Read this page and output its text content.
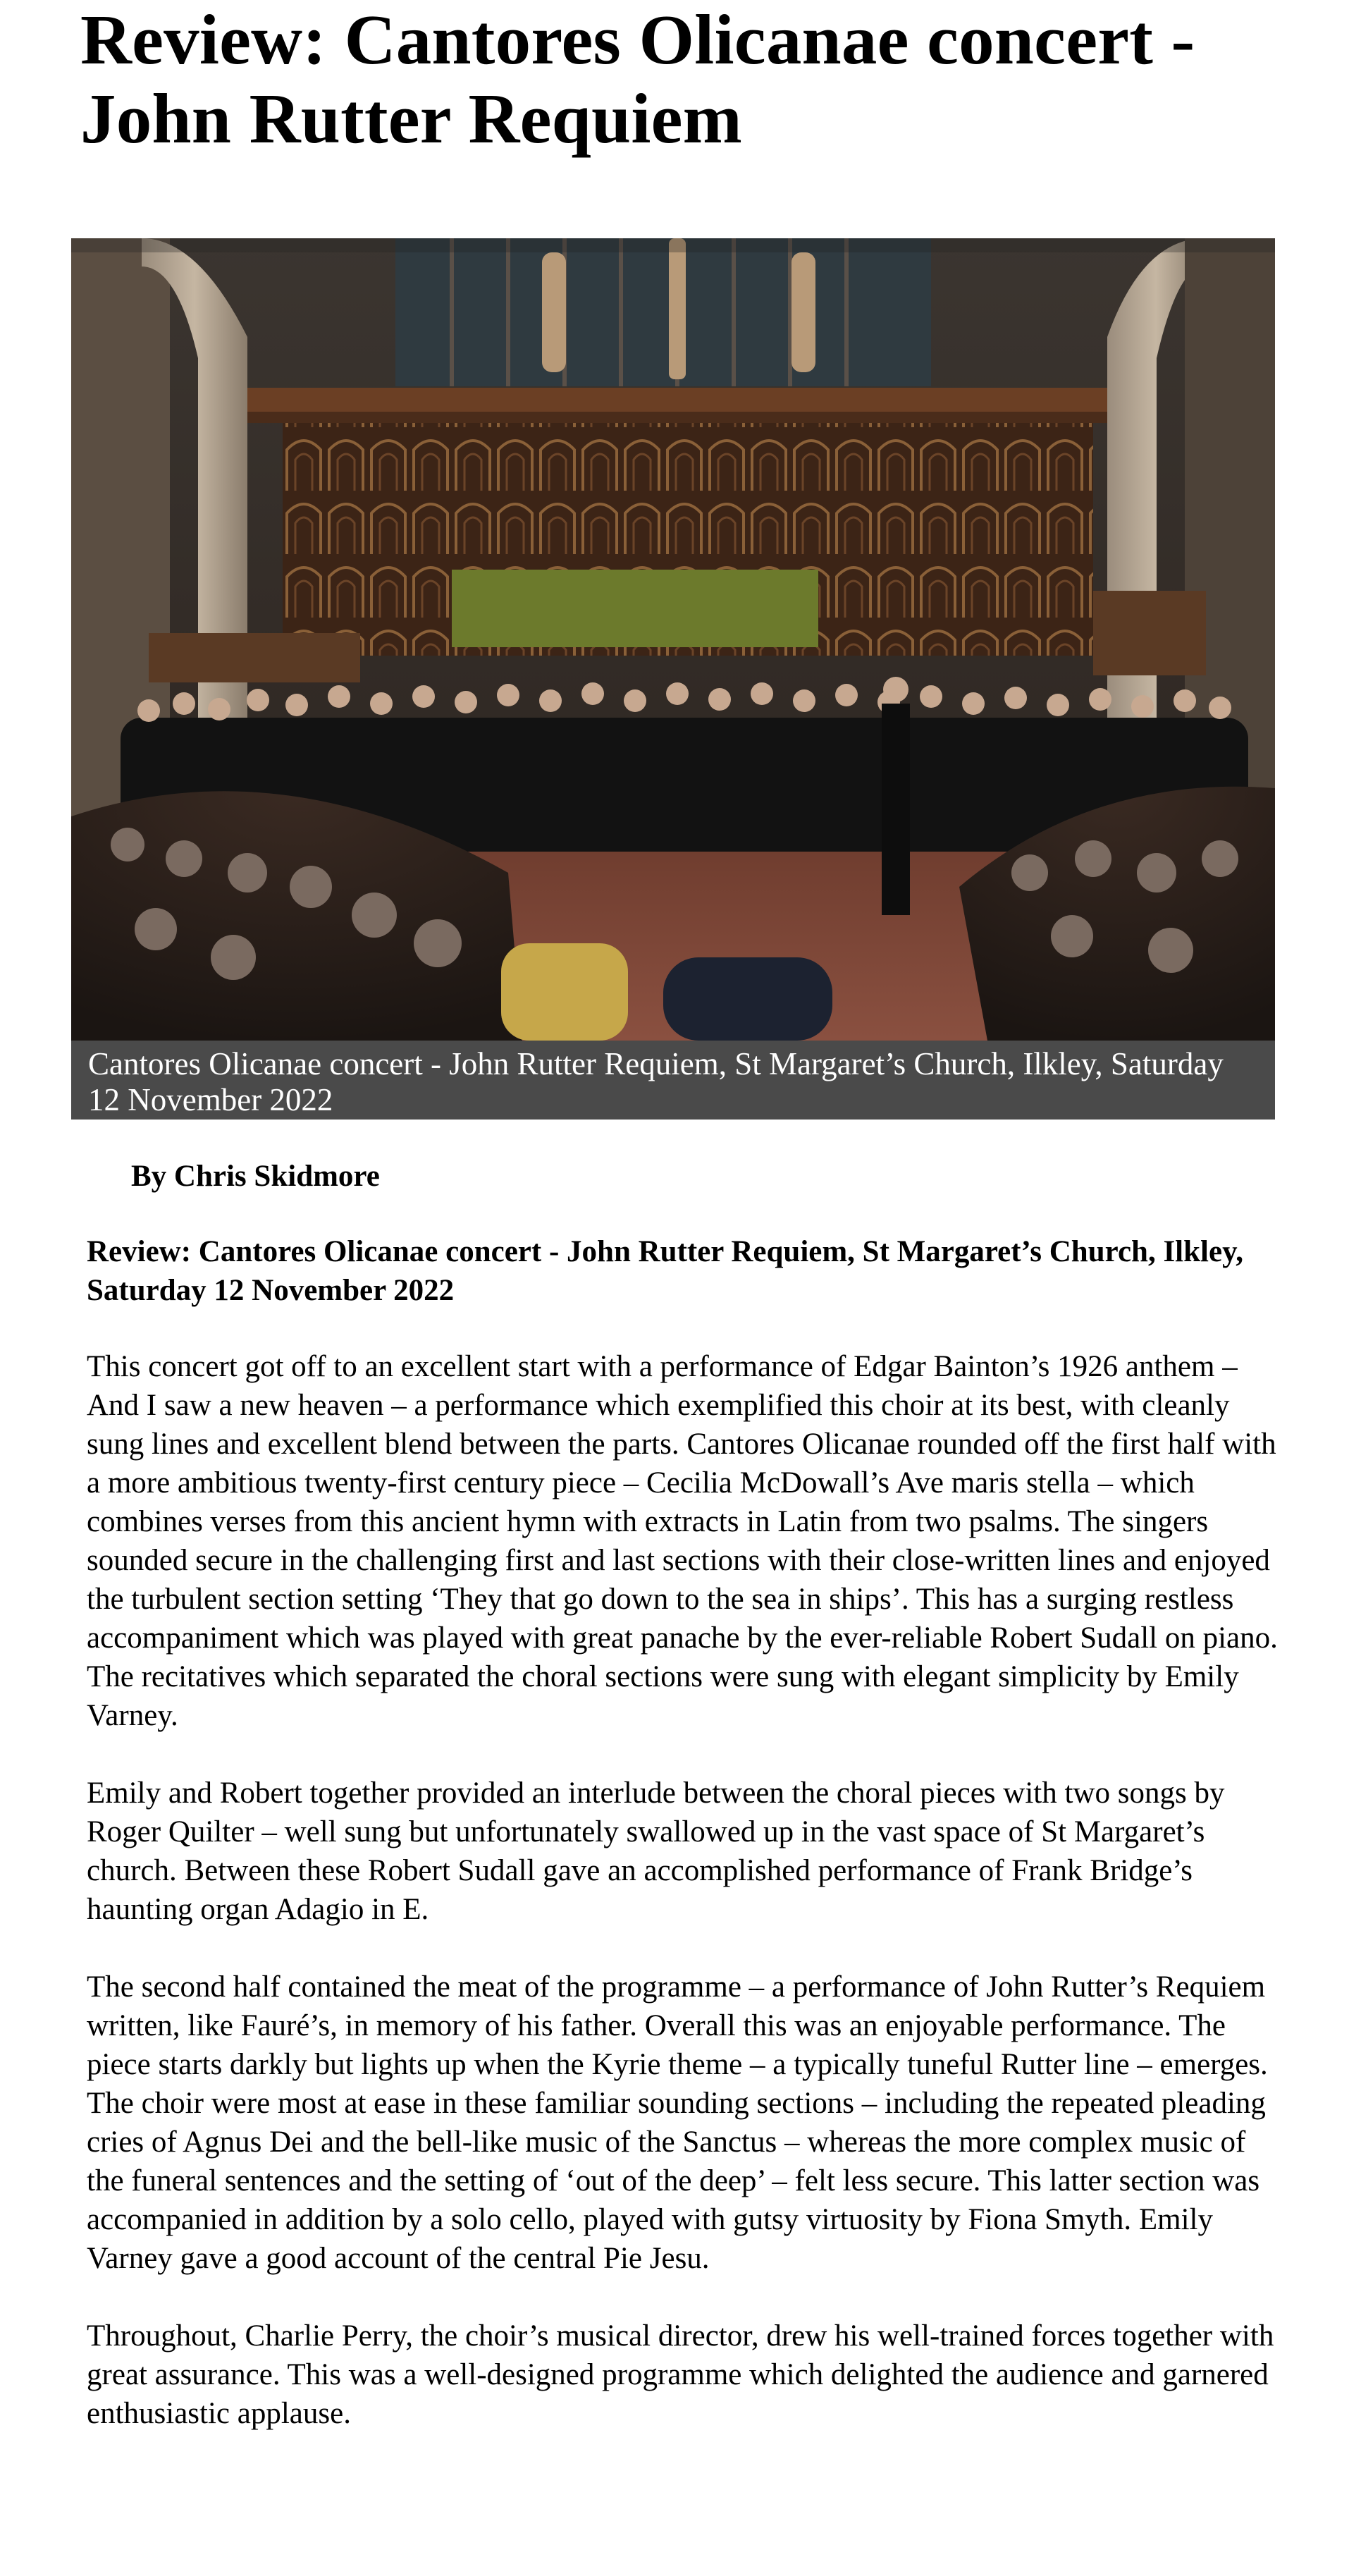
Review: Cantores Olicanae concert - John Rutter Requiem
Cantores Olicanae concert - John Rutter Requiem, St Margaret’s Church, Ilkley, Saturday 12 November 2022

By Chris Skidmore

Review: Cantores Olicanae concert - John Rutter Requiem, St Margaret’s Church, Ilkley, Saturday 12 November 2022

This concert got off to an excellent start with a performance of Edgar Bainton’s 1926 anthem – And I saw a new heaven – a performance which exemplified this choir at its best, with cleanly sung lines and excellent blend between the parts. Cantores Olicanae rounded off the first half with a more ambitious twenty-first century piece – Cecilia McDowall’s Ave maris stella – which combines verses from this ancient hymn with extracts in Latin from two psalms. The singers sounded secure in the challenging first and last sections with their close-written lines and enjoyed the turbulent section setting ‘They that go down to the sea in ships’. This has a surging restless accompaniment which was played with great panache by the ever-reliable Robert Sudall on piano. The recitatives which separated the choral sections were sung with elegant simplicity by Emily Varney.

Emily and Robert together provided an interlude between the choral pieces with two songs by Roger Quilter – well sung but unfortunately swallowed up in the vast space of St Margaret’s church. Between these Robert Sudall gave an accomplished performance of Frank Bridge’s haunting organ Adagio in E.

The second half contained the meat of the programme – a performance of John Rutter’s Requiem written, like Fauré’s, in memory of his father. Overall this was an enjoyable performance. The piece starts darkly but lights up when the Kyrie theme – a typically tuneful Rutter line – emerges. The choir were most at ease in these familiar sounding sections – including the repeated pleading cries of Agnus Dei and the bell-like music of the Sanctus – whereas the more complex music of the funeral sentences and the setting of ‘out of the deep’ – felt less secure. This latter section was accompanied in addition by a solo cello, played with gutsy virtuosity by Fiona Smyth. Emily Varney gave a good account of the central Pie Jesu.

Throughout, Charlie Perry, the choir’s musical director, drew his well-trained forces together with great assurance. This was a well-designed programme which delighted the audience and garnered enthusiastic applause.
